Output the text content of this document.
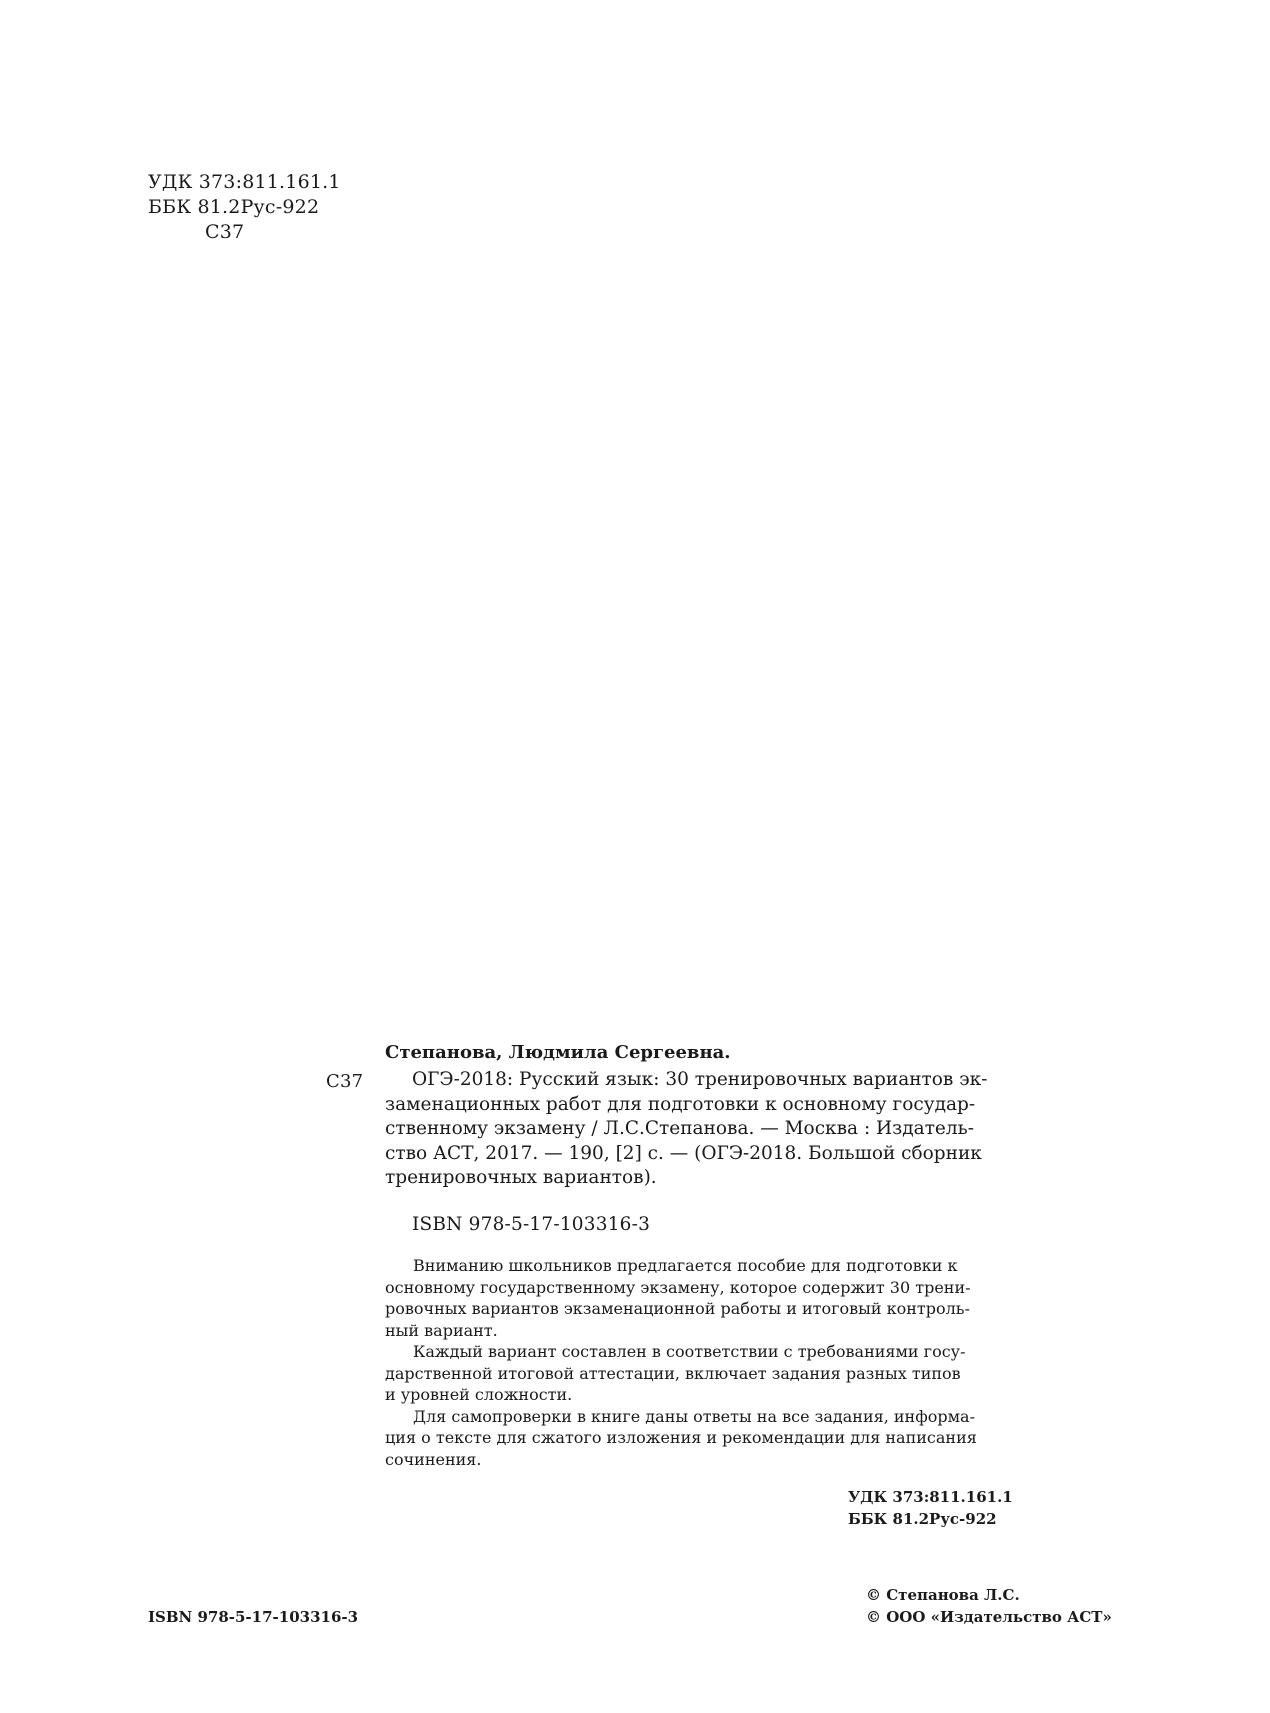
УДК 373:811.161.1
ББК 81.2Рус-922
С37
Степанова, Людмила Сергеевна.
С37	ОГЭ-2018: Русский язык: 30 тренировочных вариантов эк-
заменационных работ для подготовки к основному государ-
ственному экзамену / Л.С.Степанова. — Москва : Издатель-
ство АСТ, 2017. — 190, [2] с. — (ОГЭ-2018. Большой сборник
тренировочных вариантов).
ISBN 978-5-17-103316-3
Вниманию школьников предлагается пособие для подготовки к
основному государственному экзамену, которое содержит 30 трени-
ровочных вариантов экзаменационной работы и итоговый контроль-
ный вариант.
Каждый вариант составлен в соответствии с требованиями госу-
дарственной итоговой аттестации, включает задания разных типов
и уровней сложности.
Для самопроверки в книге даны ответы на все задания, информа-
ция о тексте для сжатого изложения и рекомендации для написания
сочинения.
УДК 373:811.161.1
ББК 81.2Рус-922
ISBN 978-5-17-103316-3
© Степанова Л.С.
© ООО «Издательство АСТ»
